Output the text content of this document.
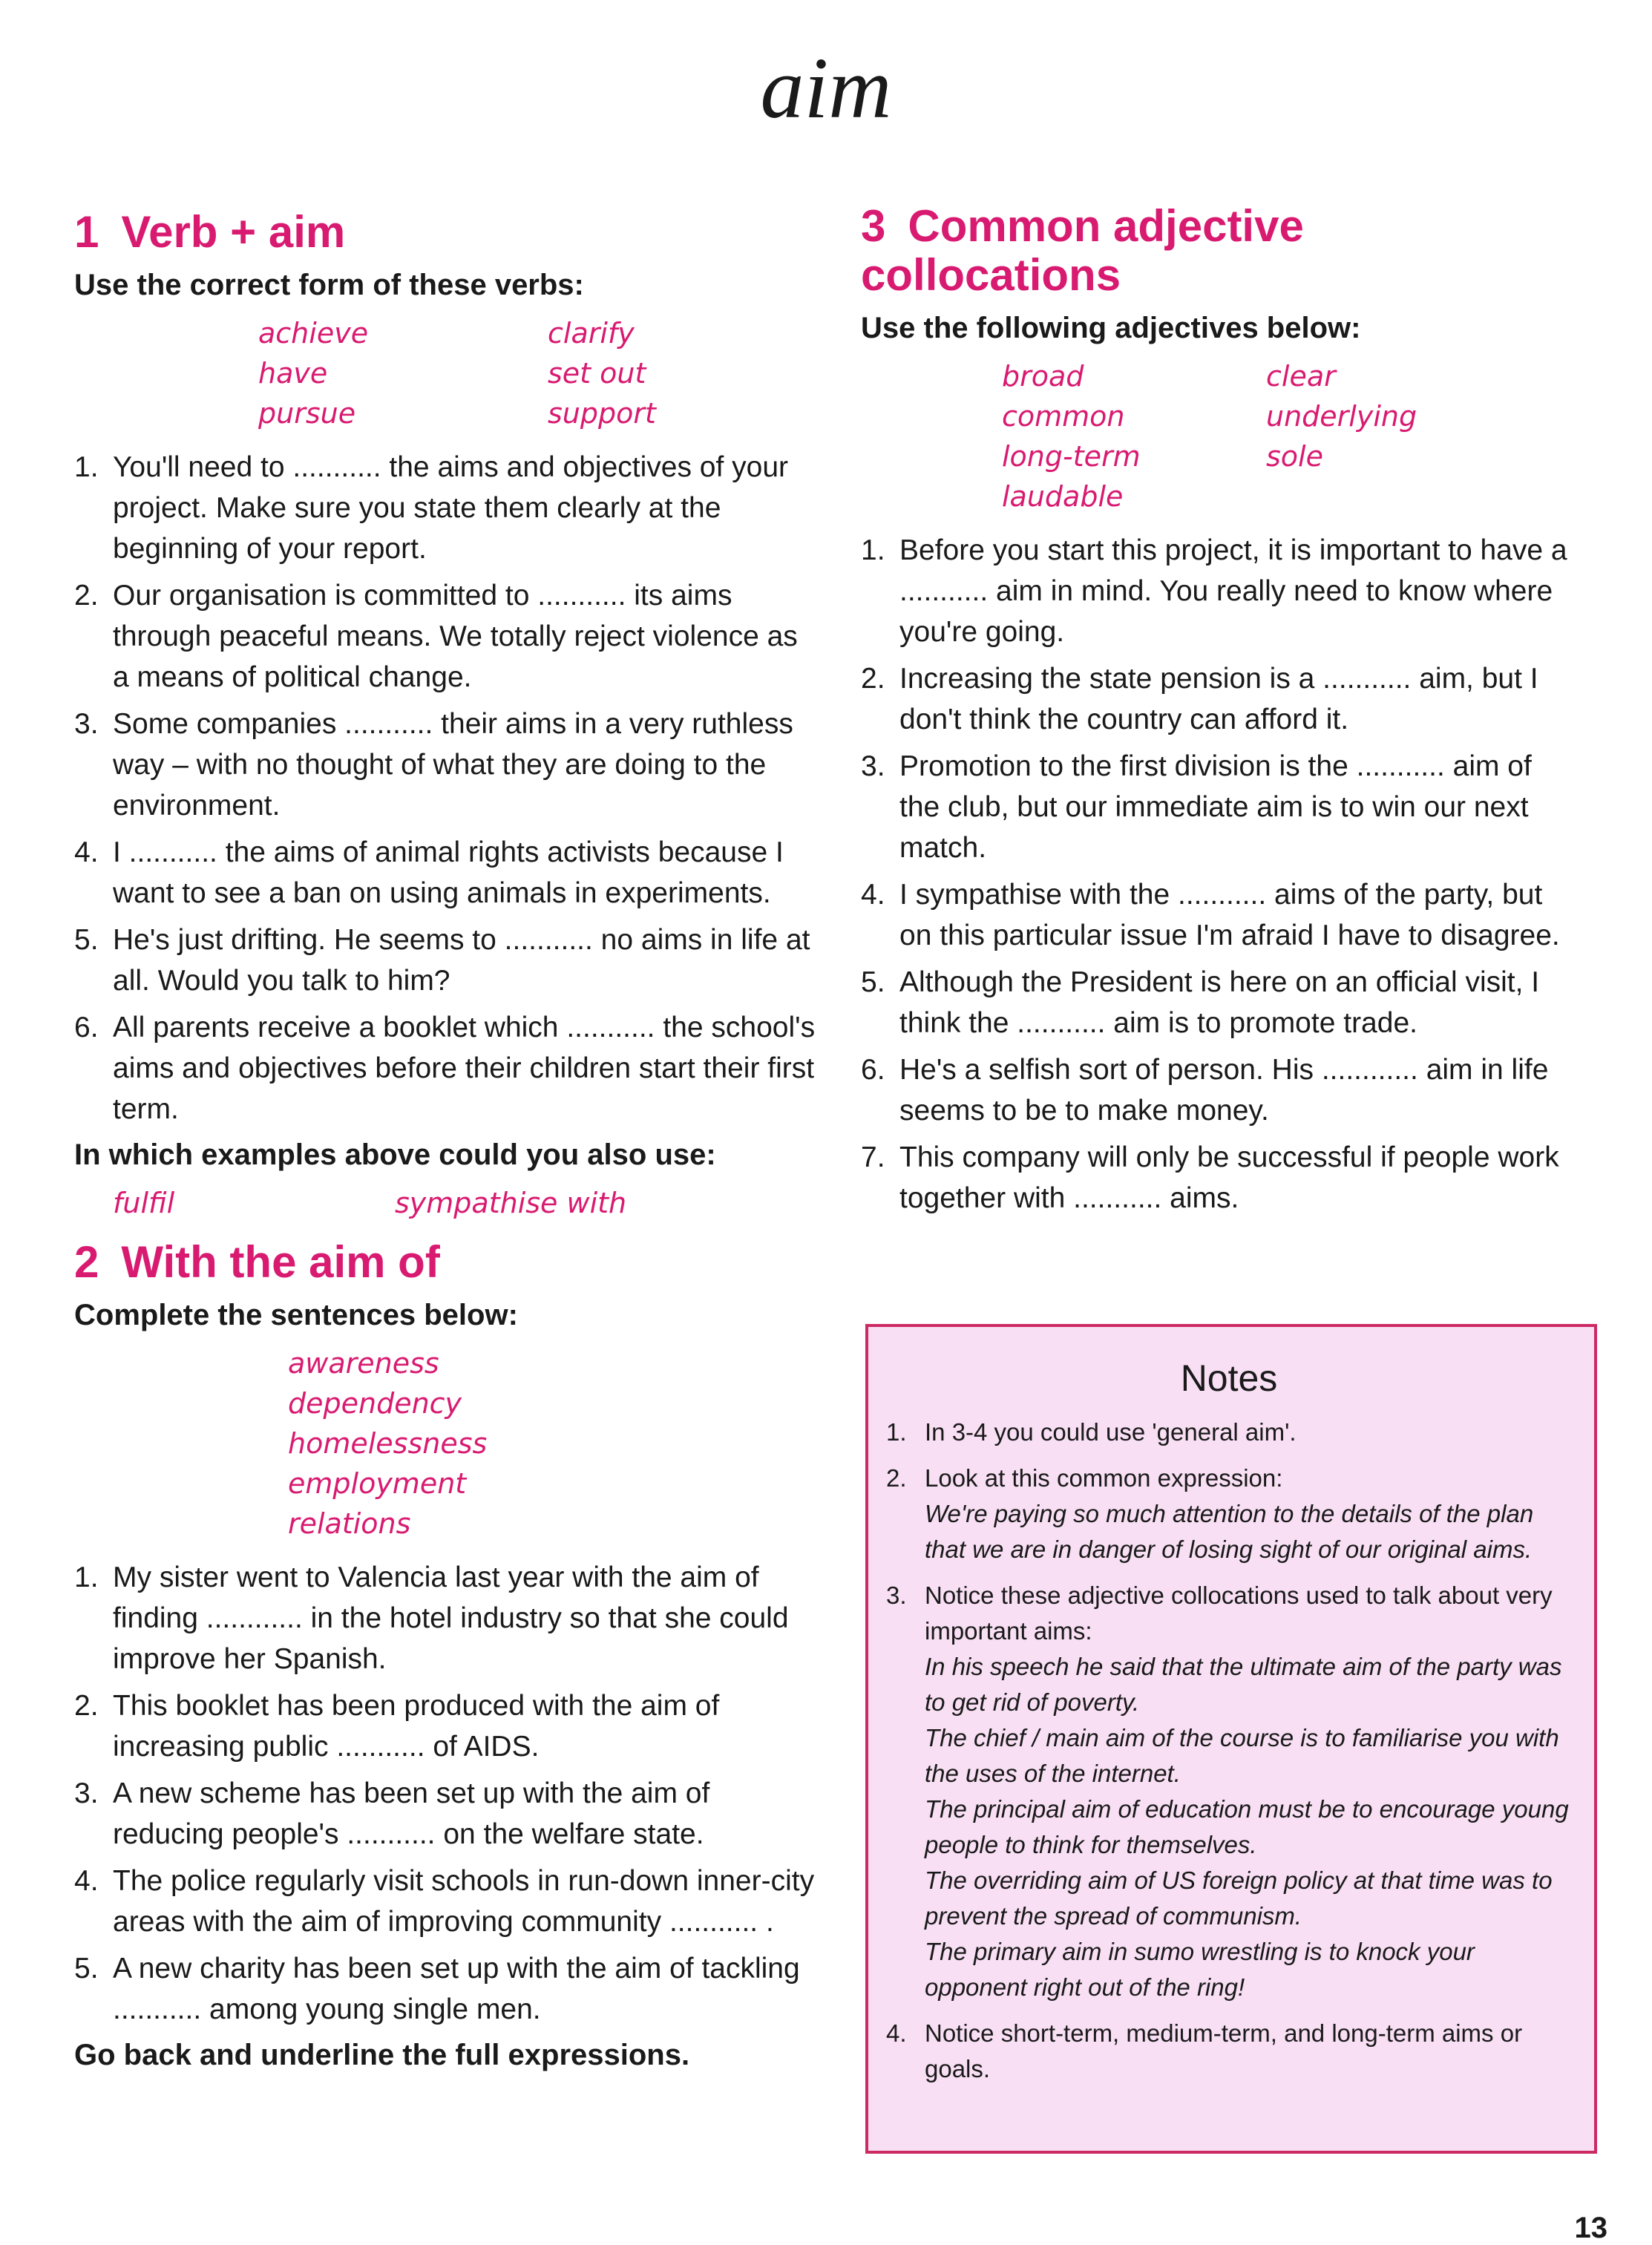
aim
1 Verb + aim
Use the correct form of these verbs:
achieve	clarify
have	set out
pursue	support
1. You'll need to ........... the aims and objectives of your project. Make sure you state them clearly at the beginning of your report.
2. Our organisation is committed to ........... its aims through peaceful means. We totally reject violence as a means of political change.
3. Some companies ........... their aims in a very ruthless way – with no thought of what they are doing to the environment.
4. I ........... the aims of animal rights activists because I want to see a ban on using animals in experiments.
5. He's just drifting. He seems to ........... no aims in life at all. Would you talk to him?
6. All parents receive a booklet which ........... the school's aims and objectives before their children start their first term.
In which examples above could you also use:
fulfil	sympathise with
2 With the aim of
Complete the sentences below:
awareness
dependency
homelessness
employment
relations
1. My sister went to Valencia last year with the aim of finding ............ in the hotel industry so that she could improve her Spanish.
2. This booklet has been produced with the aim of increasing public ........... of AIDS.
3. A new scheme has been set up with the aim of reducing people's ........... on the welfare state.
4. The police regularly visit schools in run-down inner-city areas with the aim of improving community ........... .
5. A new charity has been set up with the aim of tackling ........... among young single men.
Go back and underline the full expressions.
3 Common adjective collocations
Use the following adjectives below:
broad	clear
common	underlying
long-term	sole
laudable
1. Before you start this project, it is important to have a ........... aim in mind. You really need to know where you're going.
2. Increasing the state pension is a ........... aim, but I don't think the country can afford it.
3. Promotion to the first division is the ........... aim of the club, but our immediate aim is to win our next match.
4. I sympathise with the ........... aims of the party, but on this particular issue I'm afraid I have to disagree.
5. Although the President is here on an official visit, I think the ........... aim is to promote trade.
6. He's a selfish sort of person. His ............ aim in life seems to be to make money.
7. This company will only be successful if people work together with ........... aims.
Notes
1. In 3-4 you could use 'general aim'.
2. Look at this common expression:
We're paying so much attention to the details of the plan that we are in danger of losing sight of our original aims.
3. Notice these adjective collocations used to talk about very important aims:
In his speech he said that the ultimate aim of the party was to get rid of poverty.
The chief / main aim of the course is to familiarise you with the uses of the internet.
The principal aim of education must be to encourage young people to think for themselves.
The overriding aim of US foreign policy at that time was to prevent the spread of communism.
The primary aim in sumo wrestling is to knock your opponent right out of the ring!
4. Notice short-term, medium-term, and long-term aims or goals.
13
